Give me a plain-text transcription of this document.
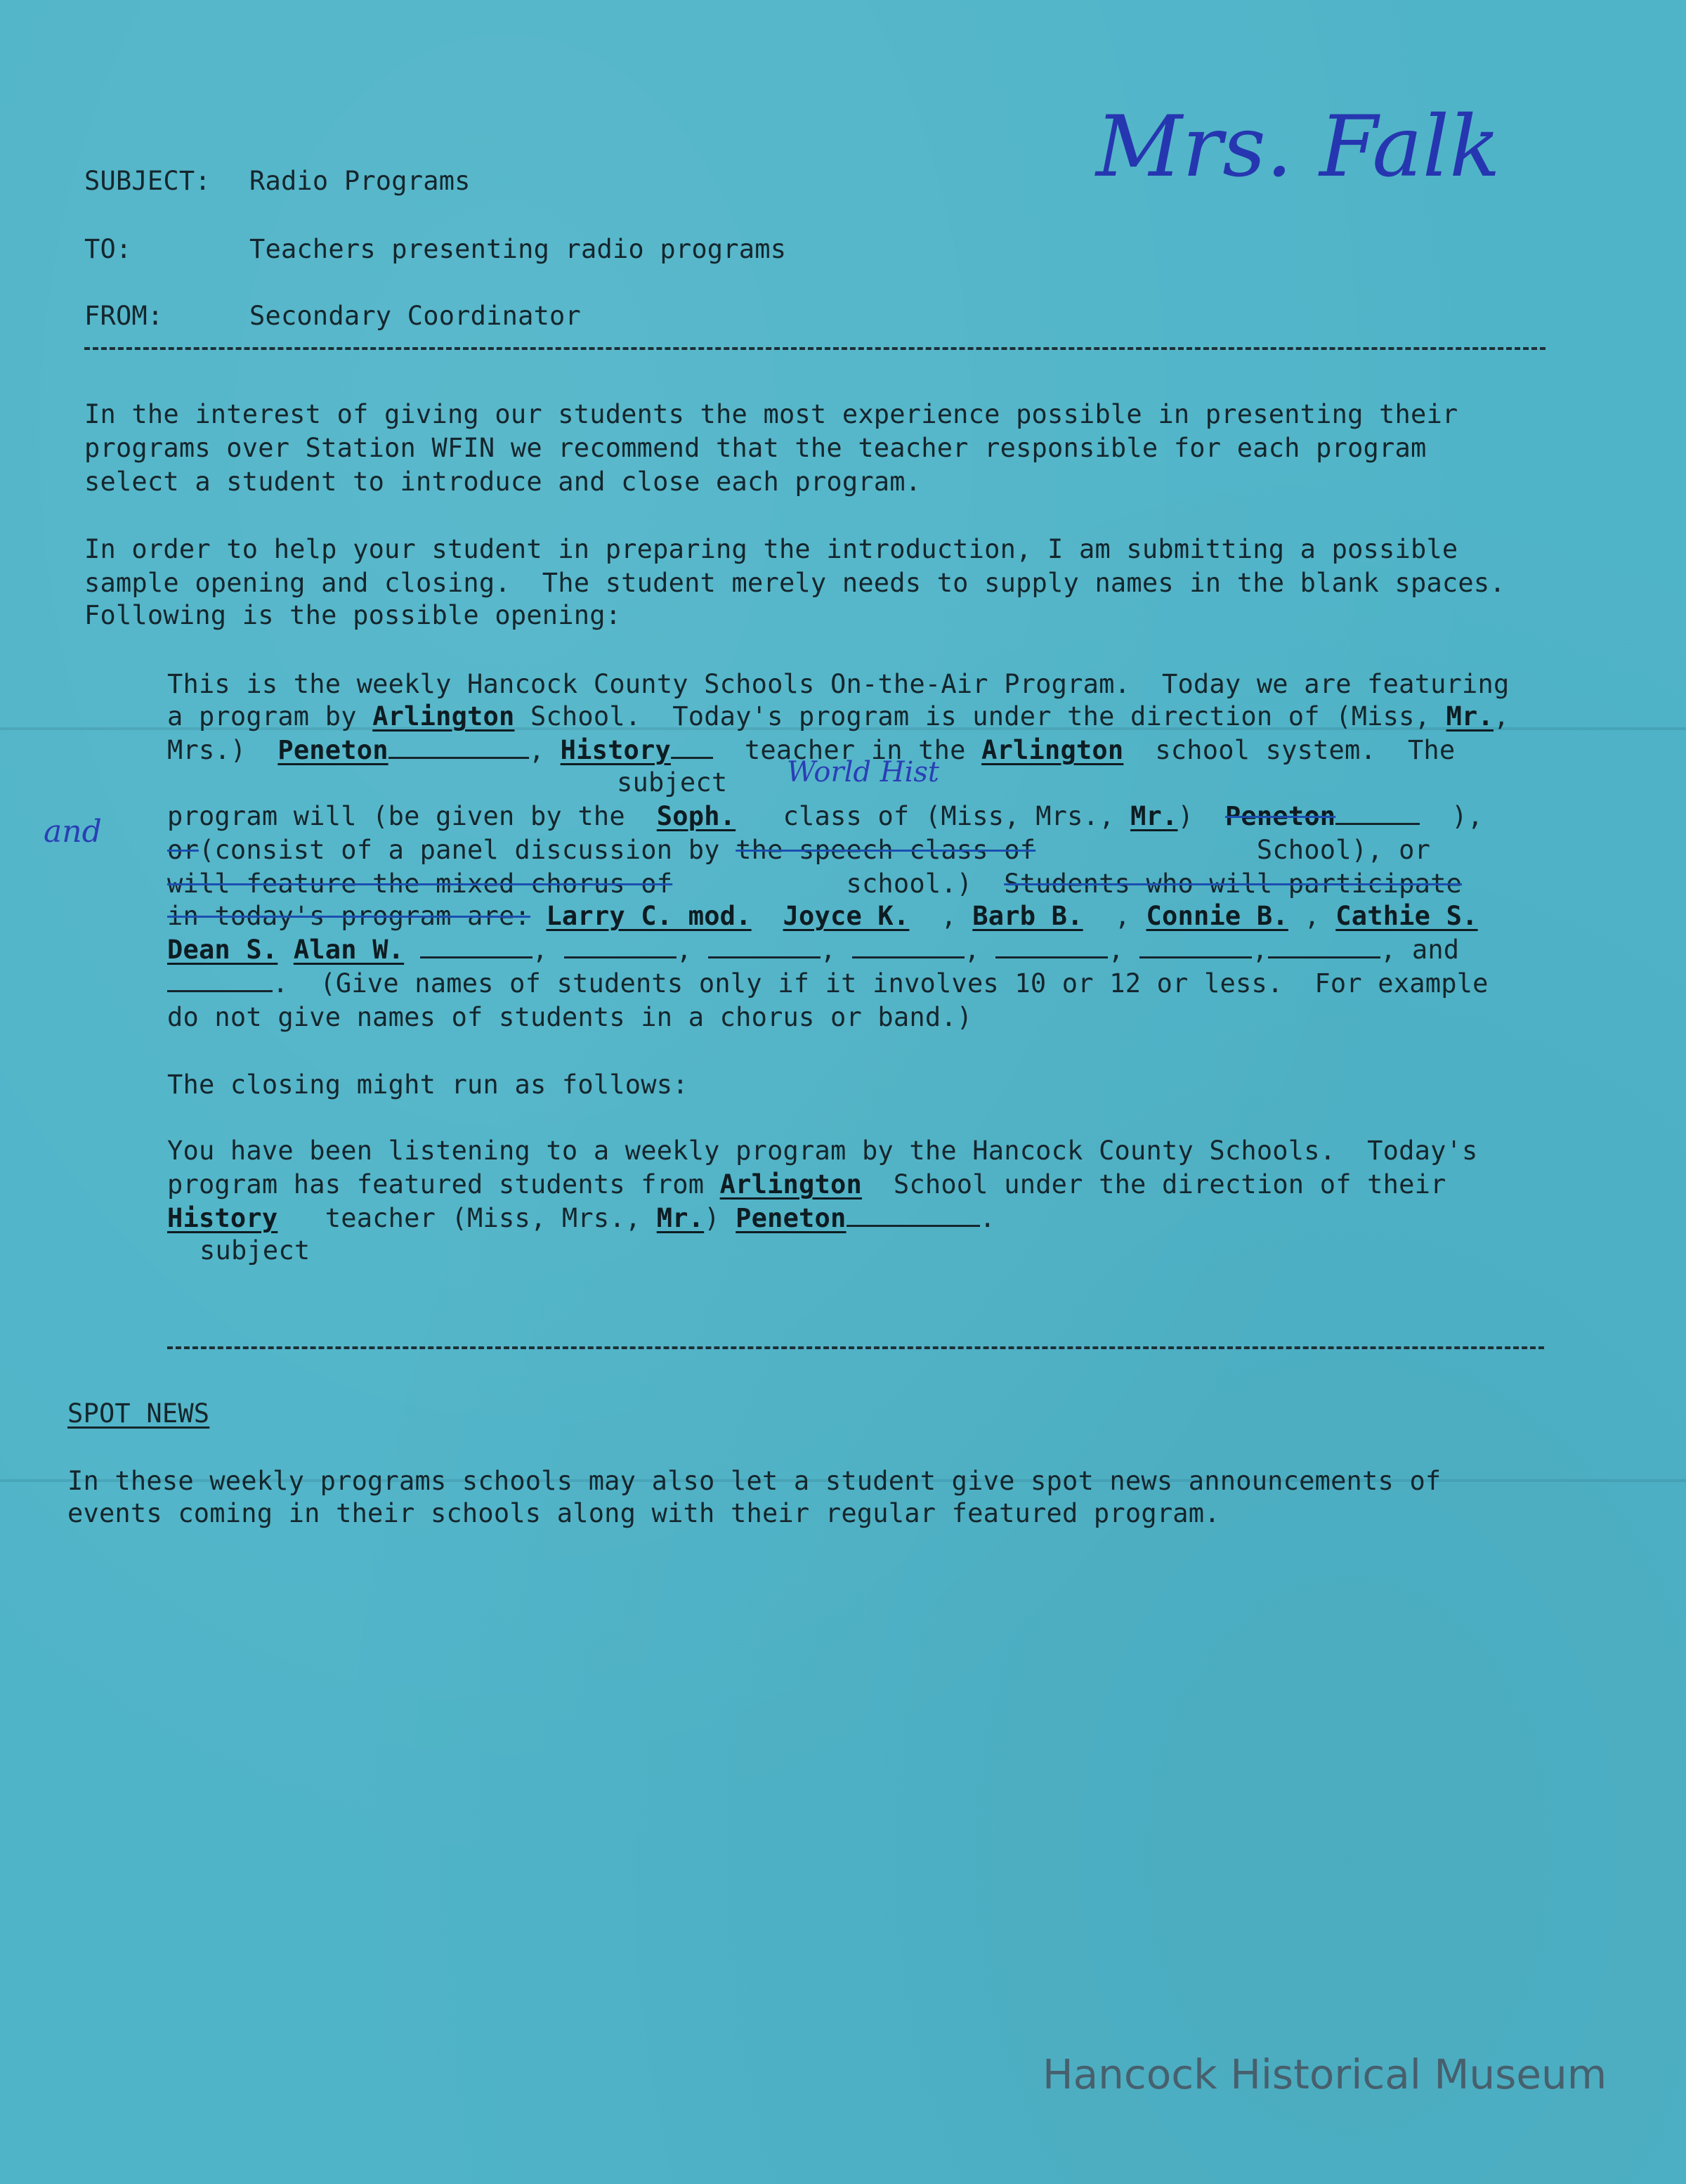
Mrs. Falk
SUBJECT: Radio Programs
TO:	Teachers presenting radio programs
FROM:	Secondary Coordinator
In the interest of giving our students the most experience possible in presenting their
programs over Station WFIN we recommend that the teacher responsible for each program
select a student to introduce and close each program.
In order to help your student in preparing the introduction, I am submitting a possible
sample opening and closing.  The student merely needs to supply names in the blank spaces.
Following is the possible opening:
This is the weekly Hancock County Schools On-the-Air Program.  Today we are featuring
a program by Arlington School.  Today's program is under the direction of (Miss, Mr.,
Mrs.)  Peneton	, History  teacher in the Arlington  school system.  The
subject World Hist
and	program will (be given by the  Soph.   class of (Miss, Mrs., Mr.)  Peneton	),
or(consist of a panel discussion by the speech class of              School), or
will feature the mixed chorus of           school.)  Students who will participate
in today's program are: Larry C. mod. Joyce K.  , Barb B.  , Connie B. , Cathie S.
Dean S. Alan W.	,	,	,	,	,	,	, and
.  (Give names of students only if it involves 10 or 12 or less.  For example
do not give names of students in a chorus or band.)
The closing might run as follows:
You have been listening to a weekly program by the Hancock County Schools.  Today's
program has featured students from Arlington  School under the direction of their
History   teacher (Miss, Mrs., Mr.) Peneton	.
subject
SPOT NEWS
In these weekly programs schools may also let a student give spot news announcements of
events coming in their schools along with their regular featured program.
Hancock Historical Museum
